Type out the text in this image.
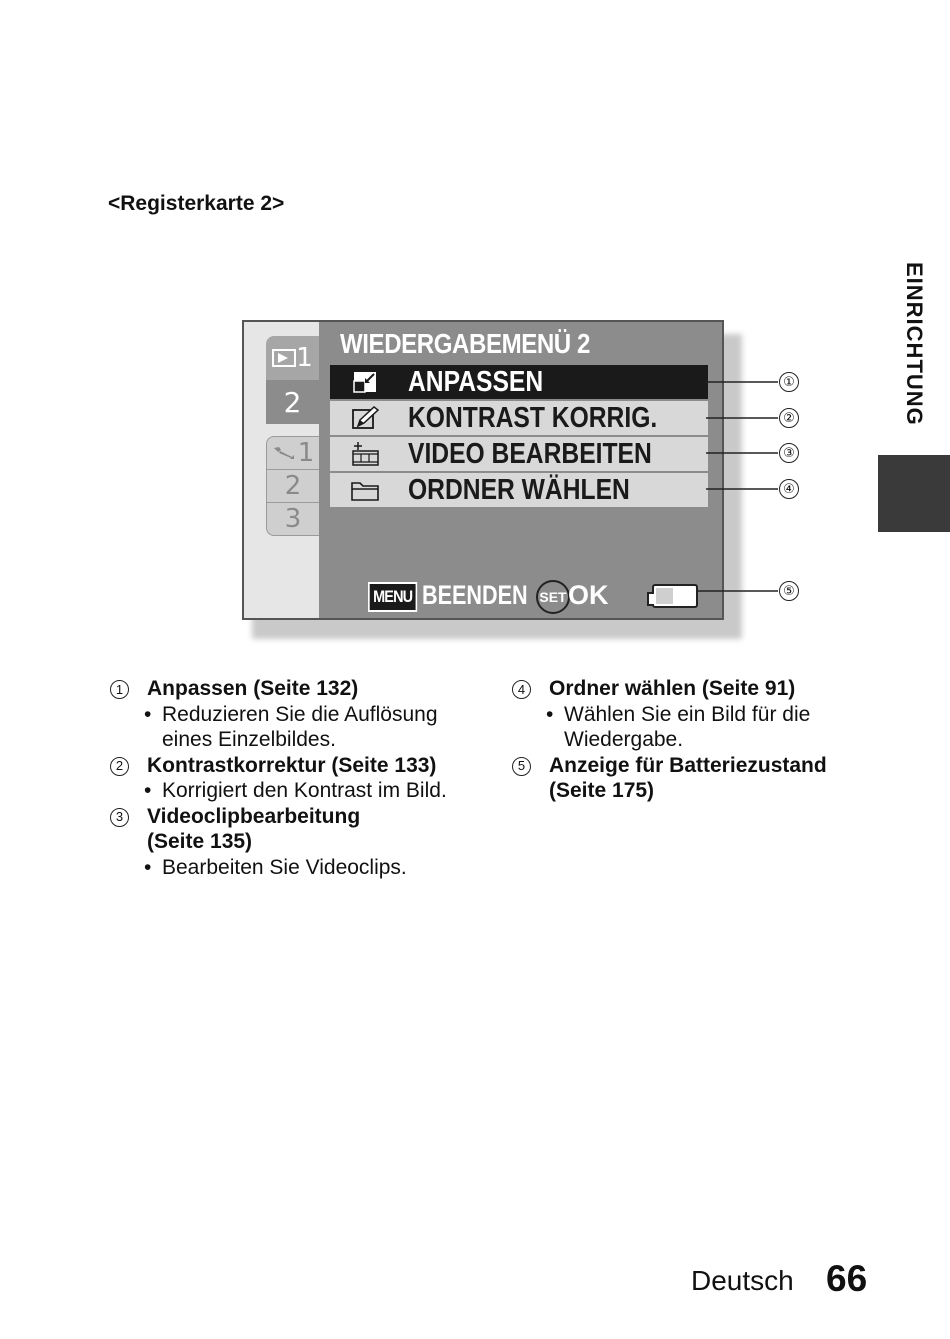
<Registerkarte 2>
EINRICHTUNG
1
2
1
2
3
WIEDERGABEMENÜ 2
ANPASSEN
KONTRAST KORRIG.
VIDEO BEARBEITEN
ORDNER WÄHLEN
MENU BEENDEN SET OK
①
②
③
④
⑤
1 Anpassen (Seite 132)
• Reduzieren Sie die Auflösung eines Einzelbildes.
2 Kontrastkorrektur (Seite 133)
• Korrigiert den Kontrast im Bild.
3 Videoclipbearbeitung (Seite 135)
• Bearbeiten Sie Videoclips.
4 Ordner wählen (Seite 91)
• Wählen Sie ein Bild für die Wiedergabe.
5 Anzeige für Batteriezustand (Seite 175)
Deutsch 66
